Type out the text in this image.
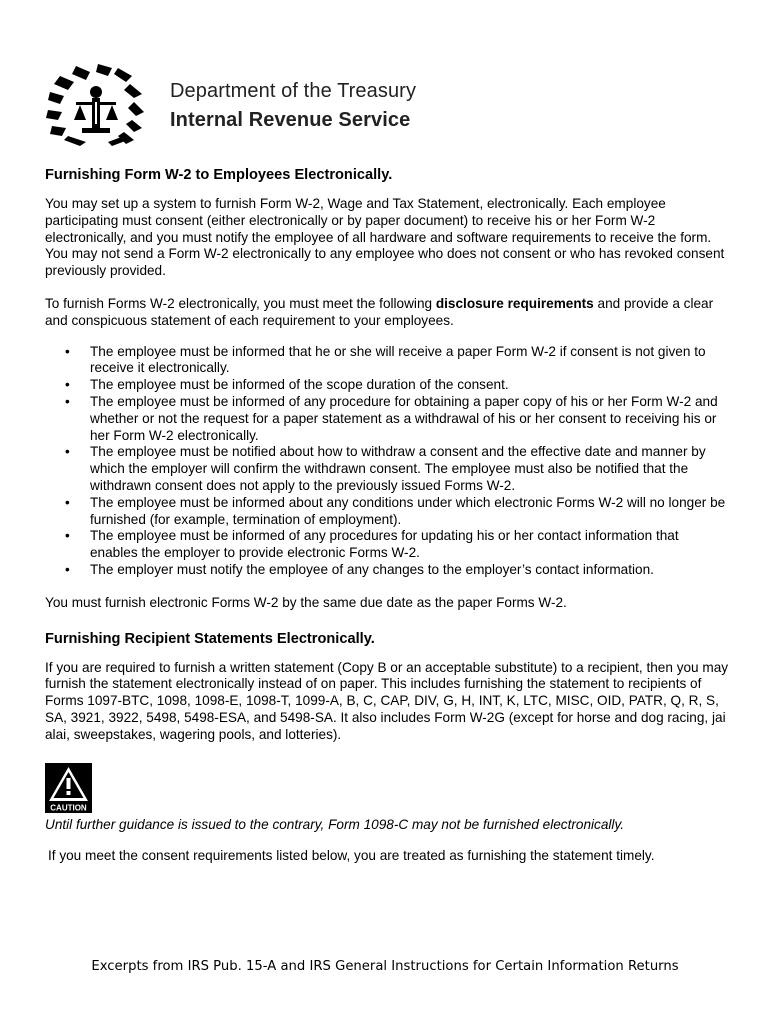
Department of the Treasury
Internal Revenue Service
Furnishing Form W-2 to Employees Electronically.

You may set up a system to furnish Form W-2, Wage and Tax Statement, electronically. Each employee participating must consent (either electronically or by paper document) to receive his or her Form W-2 electronically, and you must notify the employee of all hardware and software requirements to receive the form. You may not send a Form W-2 electronically to any employee who does not consent or who has revoked consent previously provided.

To furnish Forms W-2 electronically, you must meet the following disclosure requirements and provide a clear and conspicuous statement of each requirement to your employees.

• The employee must be informed that he or she will receive a paper Form W-2 if consent is not given to receive it electronically.
• The employee must be informed of the scope duration of the consent.
• The employee must be informed of any procedure for obtaining a paper copy of his or her Form W-2 and whether or not the request for a paper statement as a withdrawal of his or her consent to receiving his or her Form W-2 electronically.
• The employee must be notified about how to withdraw a consent and the effective date and manner by which the employer will confirm the withdrawn consent. The employee must also be notified that the withdrawn consent does not apply to the previously issued Forms W-2.
• The employee must be informed about any conditions under which electronic Forms W-2 will no longer be furnished (for example, termination of employment).
• The employee must be informed of any procedures for updating his or her contact information that enables the employer to provide electronic Forms W-2.
• The employer must notify the employee of any changes to the employer’s contact information.

You must furnish electronic Forms W-2 by the same due date as the paper Forms W-2.

Furnishing Recipient Statements Electronically.

If you are required to furnish a written statement (Copy B or an acceptable substitute) to a recipient, then you may furnish the statement electronically instead of on paper. This includes furnishing the statement to recipients of Forms 1097-BTC, 1098, 1098-E, 1098-T, 1099-A, B, C, CAP, DIV, G, H, INT, K, LTC, MISC, OID, PATR, Q, R, S, SA, 3921, 3922, 5498, 5498-ESA, and 5498-SA. It also includes Form W-2G (except for horse and dog racing, jai alai, sweepstakes, wagering pools, and lotteries).

CAUTION
Until further guidance is issued to the contrary, Form 1098-C may not be furnished electronically.
If you meet the consent requirements listed below, you are treated as furnishing the statement timely.
Excerpts from IRS Pub. 15-A and IRS General Instructions for Certain Information Returns
